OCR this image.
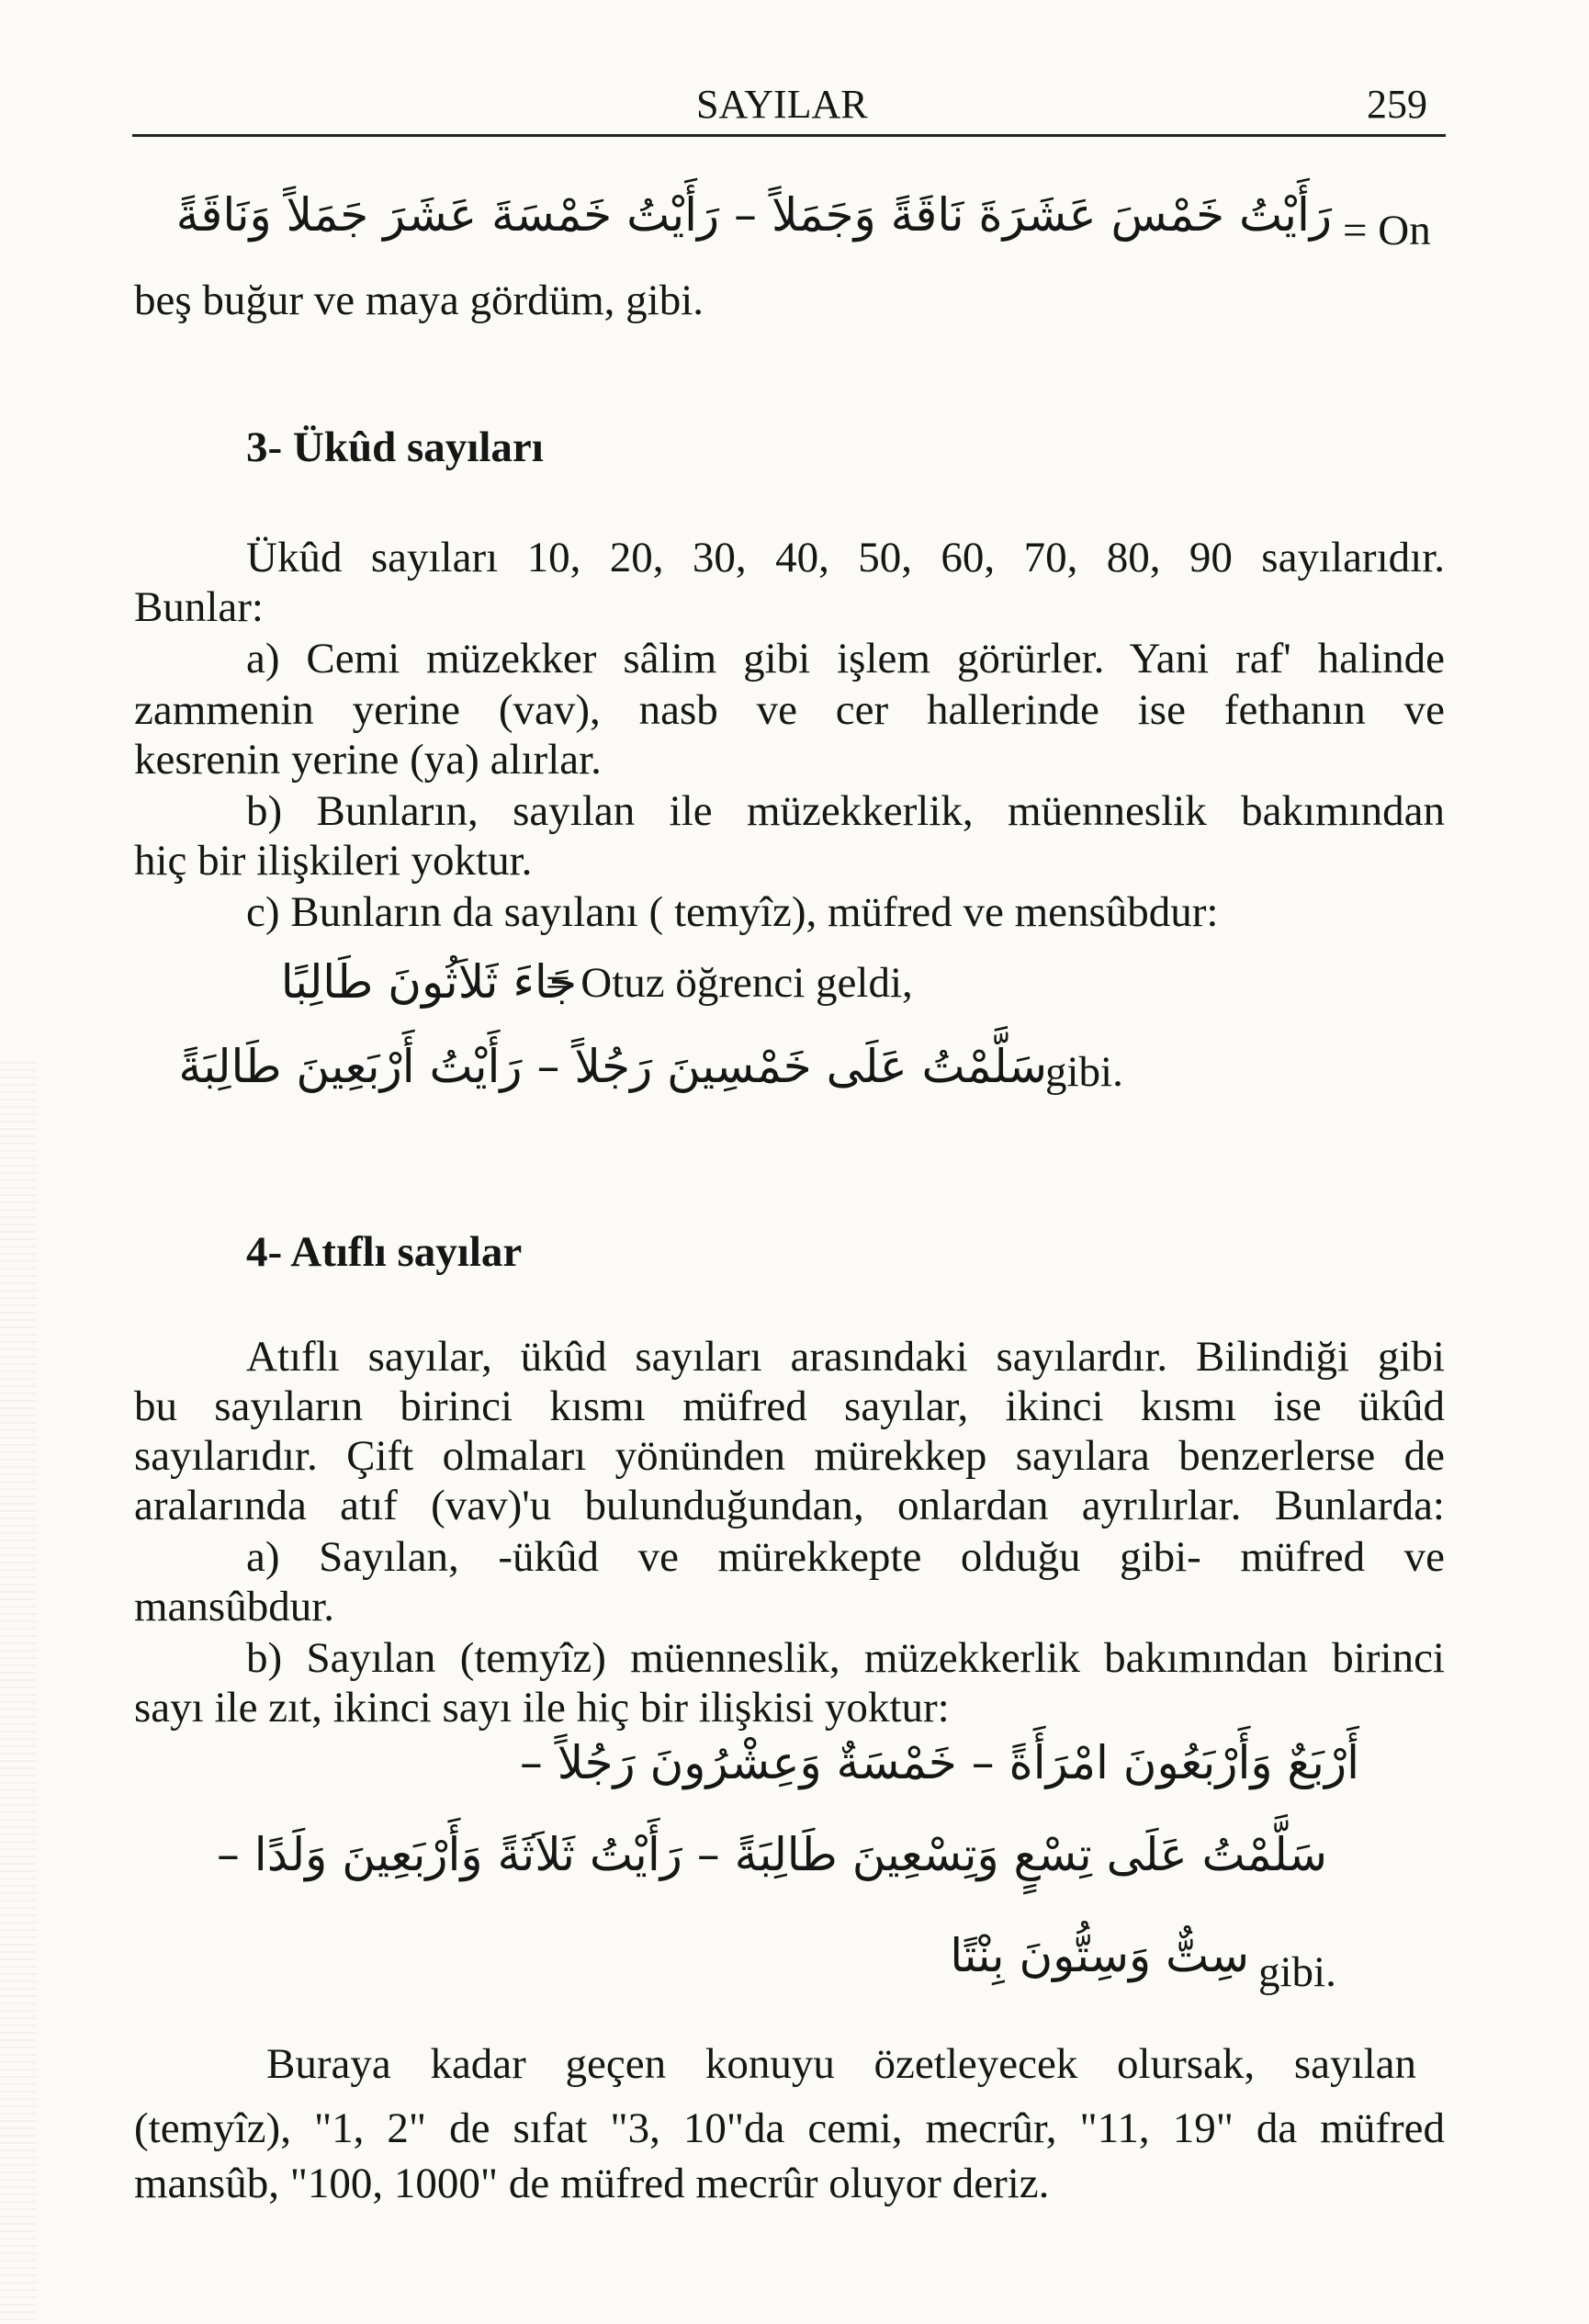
SAYILAR	259
رَأَيْتُ خَمْسَ عَشَرَةَ نَاقَةً وَجَمَلاً – رَأَيْتُ خَمْسَةَ عَشَرَ جَمَلاً وَنَاقَةً = On
beş buğur ve maya gördüm, gibi.
3- Ükûd sayıları
Ükûd sayıları 10, 20, 30, 40, 50, 60, 70, 80, 90 sayılarıdır.
Bunlar:
a) Cemi müzekker sâlim gibi işlem görürler. Yani raf' halinde
zammenin yerine (vav), nasb ve cer hallerinde ise fethanın ve
kesrenin yerine (ya) alırlar.
b) Bunların, sayılan ile müzekkerlik, müenneslik bakımından
hiç bir ilişkileri yoktur.
c) Bunların da sayılanı ( temyîz), müfred ve mensûbdur:
جَاءَ ثَلاَثُونَ طَالِبًا
= Otuz öğrenci geldi,
سَلَّمْتُ عَلَى خَمْسِينَ رَجُلاً – رَأَيْتُ أَرْبَعِينَ طَالِبَةً
gibi.
4- Atıflı sayılar
Atıflı sayılar, ükûd sayıları arasındaki sayılardır. Bilindiği gibi
bu sayıların birinci kısmı müfred sayılar, ikinci kısmı ise ükûd
sayılarıdır. Çift olmaları yönünden mürekkep sayılara benzerlerse de
aralarında atıf (vav)'u bulunduğundan, onlardan ayrılırlar. Bunlarda:
a) Sayılan, -ükûd ve mürekkepte olduğu gibi- müfred ve
mansûbdur.
b) Sayılan (temyîz) müenneslik, müzekkerlik bakımından birinci
sayı ile zıt, ikinci sayı ile hiç bir ilişkisi yoktur:
أَرْبَعٌ وَأَرْبَعُونَ امْرَأَةً – خَمْسَةٌ وَعِشْرُونَ رَجُلاً –
سَلَّمْتُ عَلَى تِسْعٍ وَتِسْعِينَ طَالِبَةً – رَأَيْتُ ثَلاَثَةً وَأَرْبَعِينَ وَلَدًا –
سِتٌّ وَسِتُّونَ بِنْتًا gibi.
Buraya kadar geçen konuyu özetleyecek olursak, sayılan
(temyîz), "1, 2" de sıfat "3, 10"da cemi, mecrûr, "11, 19" da müfred
mansûb, "100, 1000" de müfred mecrûr oluyor deriz.
